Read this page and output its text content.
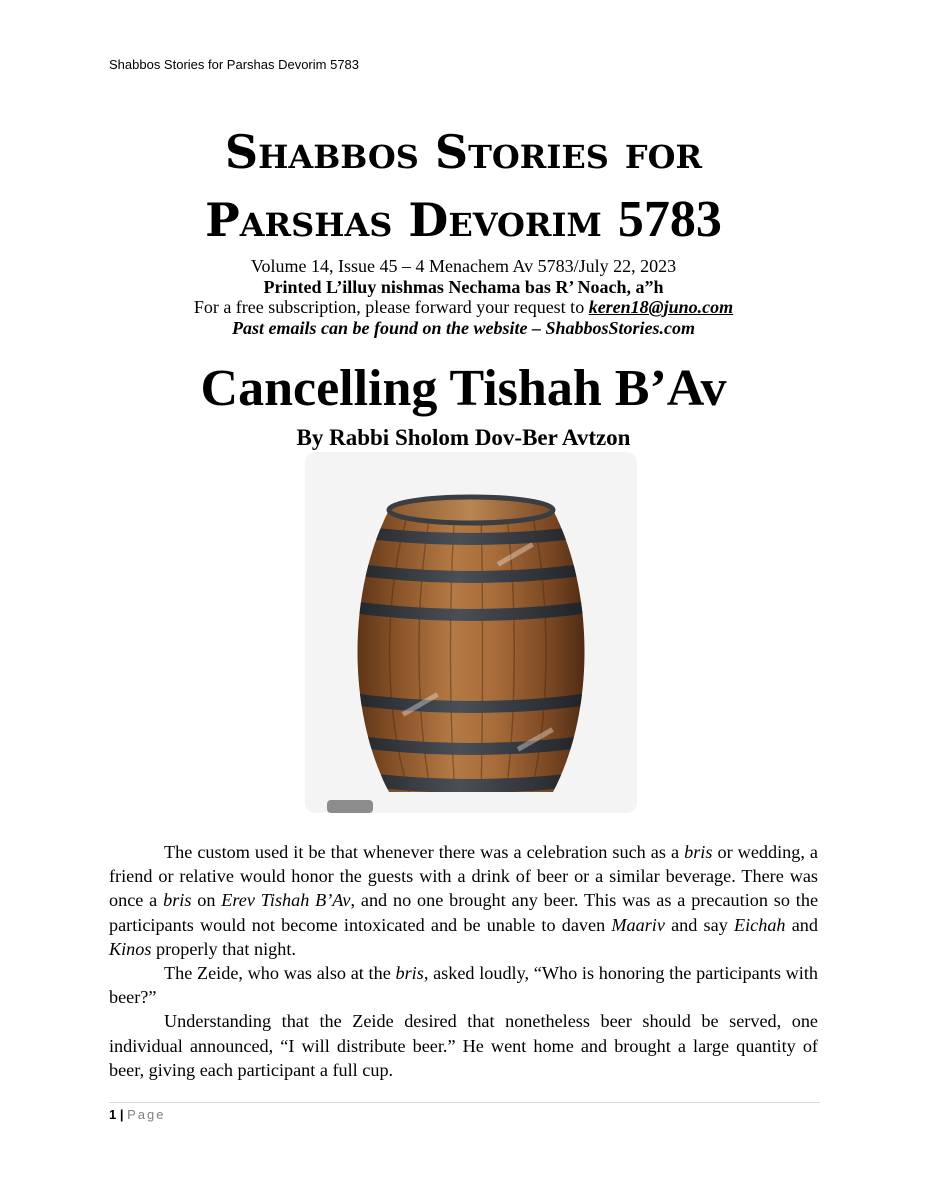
Shabbos Stories for Parshas Devorim 5783
Shabbos Stories for
Parshas Devorim 5783
Volume 14, Issue 45 – 4 Menachem Av 5783/July 22, 2023
Printed L’illuy nishmas Nechama bas R’ Noach, a”h
For a free subscription, please forward your request to keren18@juno.com
Past emails can be found on the website – ShabbosStories.com
Cancelling Tishah B’Av
By Rabbi Sholom Dov-Ber Avtzon

The custom used it be that whenever there was a celebration such as a bris or wedding, a friend or relative would honor the guests with a drink of beer or a similar beverage. There was once a bris on Erev Tishah B’Av, and no one brought any beer. This was as a precaution so the participants would not become intoxicated and be unable to daven Maariv and say Eichah and Kinos properly that night.

The Zeide, who was also at the bris, asked loudly, “Who is honoring the participants with beer?”

Understanding that the Zeide desired that nonetheless beer should be served, one individual announced, “I will distribute beer.” He went home and brought a large quantity of beer, giving each participant a full cup.

1 | Page
